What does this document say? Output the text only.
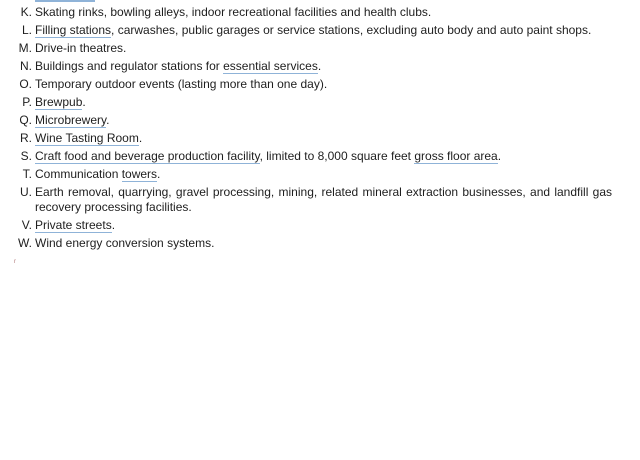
K. Skating rinks, bowling alleys, indoor recreational facilities and health clubs.
L. Filling stations, carwashes, public garages or service stations, excluding auto body and auto paint shops.
M. Drive-in theatres.
N. Buildings and regulator stations for essential services.
O. Temporary outdoor events (lasting more than one day).
P. Brewpub.
Q. Microbrewery.
R. Wine Tasting Room.
S. Craft food and beverage production facility, limited to 8,000 square feet gross floor area.
T. Communication towers.
U. Earth removal, quarrying, gravel processing, mining, related mineral extraction businesses, and landfill gas recovery processing facilities.
V. Private streets.
W. Wind energy conversion systems.
r
